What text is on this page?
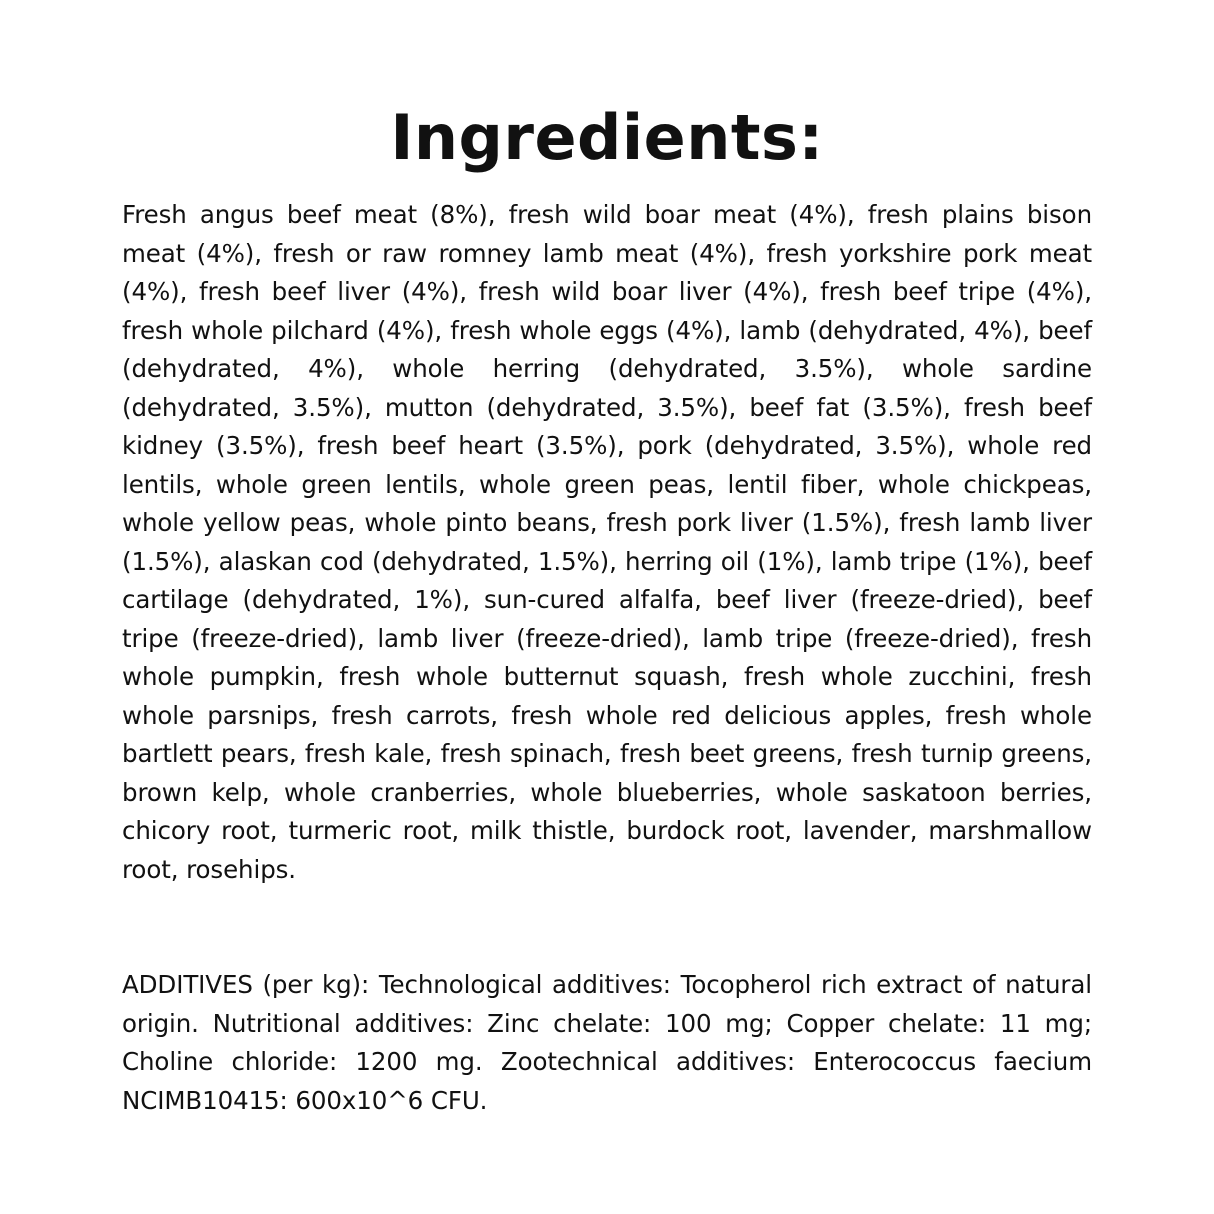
Ingredients:

Fresh angus beef meat (8%), fresh wild boar meat (4%), fresh plains bison meat (4%), fresh or raw romney lamb meat (4%), fresh yorkshire pork meat (4%), fresh beef liver (4%), fresh wild boar liver (4%), fresh beef tripe (4%), fresh whole pilchard (4%), fresh whole eggs (4%), lamb (dehydrated, 4%), beef (dehydrated, 4%), whole herring (dehydrated, 3.5%), whole sardine (dehydrated, 3.5%), mutton (dehydrated, 3.5%), beef fat (3.5%), fresh beef kidney (3.5%), fresh beef heart (3.5%), pork (dehydrated, 3.5%), whole red lentils, whole green lentils, whole green peas, lentil fiber, whole chickpeas, whole yellow peas, whole pinto beans, fresh pork liver (1.5%), fresh lamb liver (1.5%), alaskan cod (dehydrated, 1.5%), herring oil (1%), lamb tripe (1%), beef cartilage (dehydrated, 1%), sun-cured alfalfa, beef liver (freeze-dried), beef tripe (freeze-dried), lamb liver (freeze-dried), lamb tripe (freeze-dried), fresh whole pumpkin, fresh whole butternut squash, fresh whole zucchini, fresh whole parsnips, fresh carrots, fresh whole red delicious apples, fresh whole bartlett pears, fresh kale, fresh spinach, fresh beet greens, fresh turnip greens, brown kelp, whole cranberries, whole blueberries, whole saskatoon berries, chicory root, turmeric root, milk thistle, burdock root, lavender, marshmallow root, rosehips.

ADDITIVES (per kg): Technological additives: Tocopherol rich extract of natural origin. Nutritional additives: Zinc chelate: 100 mg; Copper chelate: 11 mg; Choline chloride: 1200 mg. Zootechnical additives: Enterococcus faecium NCIMB10415: 600x10^6 CFU.
